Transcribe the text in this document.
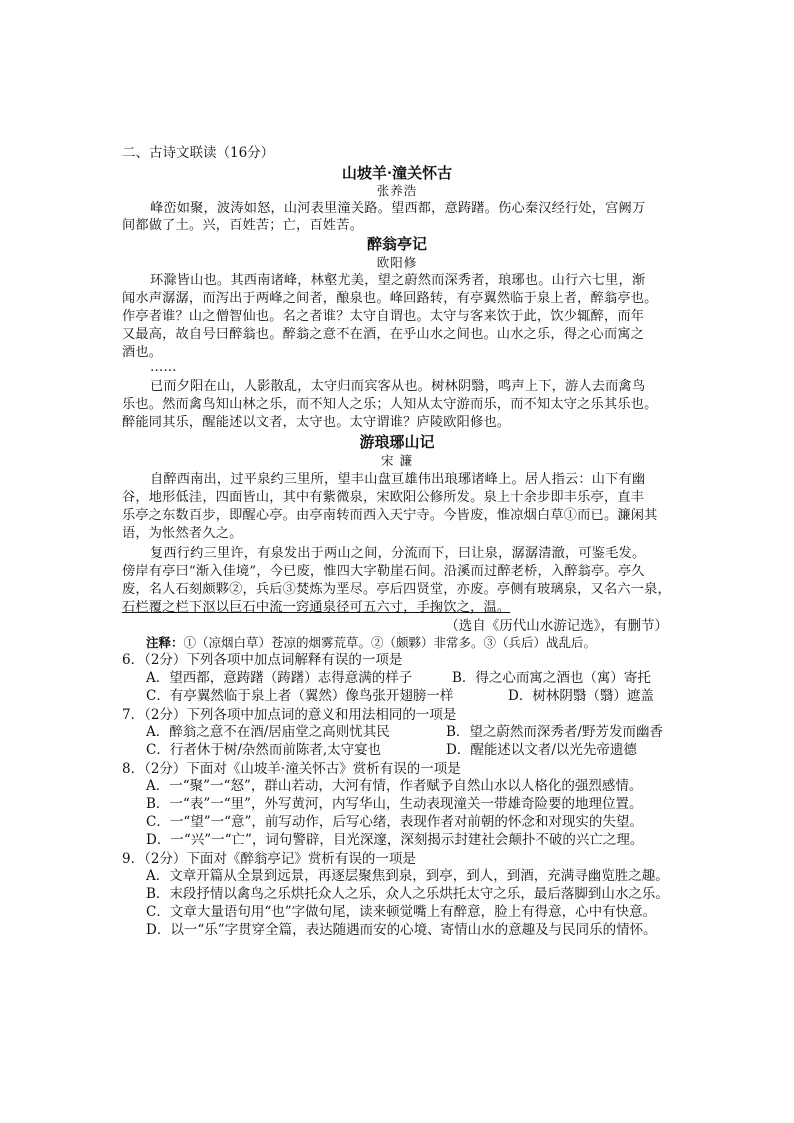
二、古诗文联读（16分）
山坡羊·潼关怀古
张养浩
峰峦如聚，波涛如怒，山河表里潼关路。望西都，意踌躇。伤心秦汉经行处，宫阙万
间都做了土。兴，百姓苦；亡，百姓苦。
醉翁亭记
欧阳修
环滁皆山也。其西南诸峰，林壑尤美，望之蔚然而深秀者，琅琊也。山行六七里，渐
闻水声潺潺，而泻出于两峰之间者，酿泉也。峰回路转，有亭翼然临于泉上者，醉翁亭也。
作亭者谁？山之僧智仙也。名之者谁？太守自谓也。太守与客来饮于此，饮少辄醉，而年
又最高，故自号曰醉翁也。醉翁之意不在酒，在乎山水之间也。山水之乐，得之心而寓之
酒也。
……
已而夕阳在山，人影散乱，太守归而宾客从也。树林阴翳，鸣声上下，游人去而禽鸟
乐也。然而禽鸟知山林之乐，而不知人之乐；人知从太守游而乐，而不知太守之乐其乐也。
醉能同其乐，醒能述以文者，太守也。太守谓谁？庐陵欧阳修也。
游琅琊山记
宋 濂
自醉西南出，过平泉约三里所，望丰山盘亘雄伟出琅琊诸峰上。居人指云：山下有幽
谷，地形低洼，四面皆山，其中有紫微泉，宋欧阳公修所发。泉上十余步即丰乐亭，直丰
乐亭之东数百步，即醒心亭。由亭南转而西入天宁寺。今皆废，惟凉烟白草①而已。濂闲其
语，为怅然者久之。
复西行约三里许，有泉发出于两山之间，分流而下，曰让泉，潺潺清澈，可鉴毛发。
傍岸有亭曰“渐入佳境”，今已废，惟四大字勒崖石间。沿溪而过醉老桥，入醉翁亭。亭久
废，名人石刻颇夥②，兵后③焚炼为垩尽。亭后四贤堂，亦废。亭侧有玻璃泉，又名六一泉，
石栏覆之栏下沤以巨石中流一窍通泉径可五六寸，手掬饮之，温。
（选自《历代山水游记选》，有删节）
注释：①（凉烟白草）苍凉的烟雾荒草。②（颇夥）非常多。③（兵后）战乱后。
6．（2分）下列各项中加点词解释有误的一项是
A．望西都，意踌躇（踌躇）志得意满的样子	B．得之心而寓之酒也（寓）寄托
C．有亭翼然临于泉上者（翼然）像鸟张开翅膀一样	D．树林阴翳（翳）遮盖
7．（2分）下列各项中加点词的意义和用法相同的一项是
A．醉翁之意不在酒/居庙堂之高则忧其民	B．望之蔚然而深秀者/野芳发而幽香
C．行者休于树/杂然而前陈者,太守宴也	D．醒能述以文者/以光先帝遗德
8．（2分）下面对《山坡羊·潼关怀古》赏析有误的一项是
A．一“聚”一“怒”，群山若动，大河有情，作者赋予自然山水以人格化的强烈感情。
B．一“表”一“里”，外写黄河，内写华山，生动表现潼关一带雄奇险要的地理位置。
C．一“望”一“意”，前写动作，后写心绪，表现作者对前朝的怀念和对现实的失望。
D．一“兴”一“亡”，词句警辟，目光深邃，深刻揭示封建社会颠扑不破的兴亡之理。
9．（2分）下面对《醉翁亭记》赏析有误的一项是
A．文章开篇从全景到远景，再逐层聚焦到泉，到亭，到人，到酒，充满寻幽览胜之趣。
B．末段抒情以禽鸟之乐烘托众人之乐，众人之乐烘托太守之乐，最后落脚到山水之乐。
C．文章大量语句用“也”字做句尾，读来顿觉嘴上有醉意，脸上有得意，心中有快意。
D．以一“乐”字贯穿全篇，表达随遇而安的心境、寄情山水的意趣及与民同乐的情怀。
